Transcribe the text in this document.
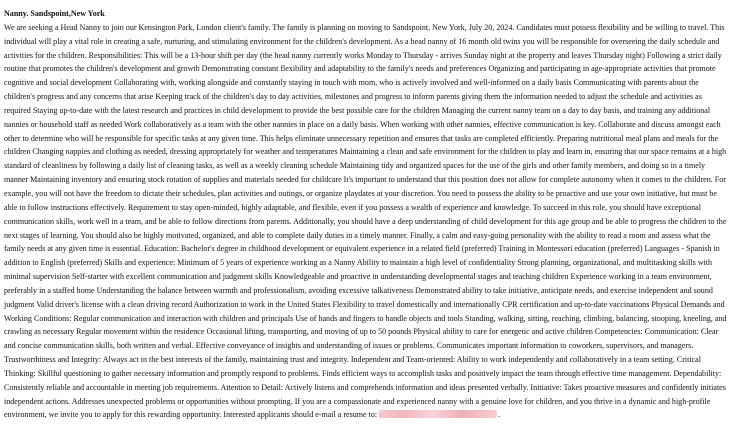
Nanny. Sandspoint,New York
We are seeking a Head Nanny to join our Kensington Park, London client's family. The family is planning on moving to Sandspoint, New York, July 20, 2024. Candidates must possess flexibility and be willing to travel. This individual will play a vital role in creating a safe, nurturing, and stimulating environment for the children's development. As a head nanny of 16 month old twins you will be responsible for overseeing the daily schedule and activities for the children. Responsibilities: This will be a 13-hour shift per day (the head nanny currently works Monday to Thursday - arrives Sunday night at the property and leaves Thursday night) Following a strict daily routine that promotes the children's development and growth Demonstrating constant flexibility and adaptability to the family's needs and preferences Organizing and participating in age-appropriate activities that promote cognitive and social development Collaborating with, working alongside and constantly staying in touch with mom, who is actively involved and well-informed on a daily basis Communicating with parents about the children's progress and any concerns that arise Keeping track of the children's day to day activities, milestones and progress to inform parents giving them the information needed to adjust the schedule and activities as required Staying up-to-date with the latest research and practices in child development to provide the best possible care for the children Managing the current nanny team on a day to day basis, and training any additional nannies or household staff as needed Work collaboratively as a team with the other nannies in place on a daily basis. When working with other nannies, effective communication is key. Collaborate and discuss amongst each other to determine who will be responsible for specific tasks at any given time. This helps eliminate unnecessary repetition and ensures that tasks are completed efficiently. Preparing nutritional meal plans and meals for the children Changing nappies and clothing as needed, dressing appropriately for weather and temperatures Maintaining a clean and safe environment for the children to play and learn in, ensuring that our space remains at a high standard of cleanliness by following a daily list of cleaning tasks, as well as a weekly cleaning schedule Maintaining tidy and organized spaces for the use of the girls and other family members, and doing so in a timely manner Maintaining inventory and ensuring stock rotation of supplies and materials needed for childcare It's important to understand that this position does not allow for complete autonomy when it comes to the children. For example, you will not have the freedom to dictate their schedules, plan activities and outings, or organize playdates at your discretion. You need to possess the ability to be proactive and use your own initiative, but must be able to follow instructions effectively. Requirement to stay open-minded, highly adaptable, and flexible, even if you possess a wealth of experience and knowledge. To succeed in this role, you should have exceptional communication skills, work well in a team, and be able to follow directions from parents. Additionally, you should have a deep understanding of child development for this age group and be able to progress the children to the next stages of learning. You should also be highly motivated, organized, and able to complete daily duties in a timely manner. Finally, a calm and easy-going personality with the ability to read a room and assess what the family needs at any given time is essential. Education: Bachelor's degree in childhood development or equivalent experience in a related field (preferred) Training in Montessori education (preferred) Languages - Spanish in addition to English (preferred) Skills and experience: Minimum of 5 years of experience working as a Nanny Ability to maintain a high level of confidentiality Strong planning, organizational, and multitasking skills with minimal supervision Self-starter with excellent communication and judgment skills Knowledgeable and proactive in understanding developmental stages and teaching children Experience working in a team environment, preferably in a staffed home Understanding the balance between warmth and professionalism, avoiding excessive talkativeness Demonstrated ability to take initiative, anticipate needs, and exercise independent and sound judgment Valid driver's license with a clean driving record Authorization to work in the United States Flexibility to travel domestically and internationally CPR certification and up-to-date vaccinations Physical Demands and Working Conditions: Regular communication and interaction with children and principals Use of hands and fingers to handle objects and tools Standing, walking, sitting, reaching, climbing, balancing, stooping, kneeling, and crawling as necessary Regular movement within the residence Occasional lifting, transporting, and moving of up to 50 pounds Physical ability to care for energetic and active children Competencies: Communication: Clear and concise communication skills, both written and verbal. Effective conveyance of insights and understanding of issues or problems. Communicates important information to coworkers, supervisors, and managers. Trustworthiness and Integrity: Always act in the best interests of the family, maintaining trust and integrity. Independent and Team-oriented: Ability to work independently and collaboratively in a team setting. Critical Thinking: Skillful questioning to gather necessary information and promptly respond to problems. Finds efficient ways to accomplish tasks and positively impact the team through effective time management. Dependability: Consistently reliable and accountable in meeting job requirements. Attention to Detail: Actively listens and comprehends information and ideas presented verbally. Initiative: Takes proactive measures and confidently initiates independent actions. Addresses unexpected problems or opportunities without prompting. If you are a compassionate and experienced nanny with a genuine love for children, and you thrive in a dynamic and high-profile environment, we invite you to apply for this rewarding opportunity. Interested applicants should e-mail a resume to:	.
